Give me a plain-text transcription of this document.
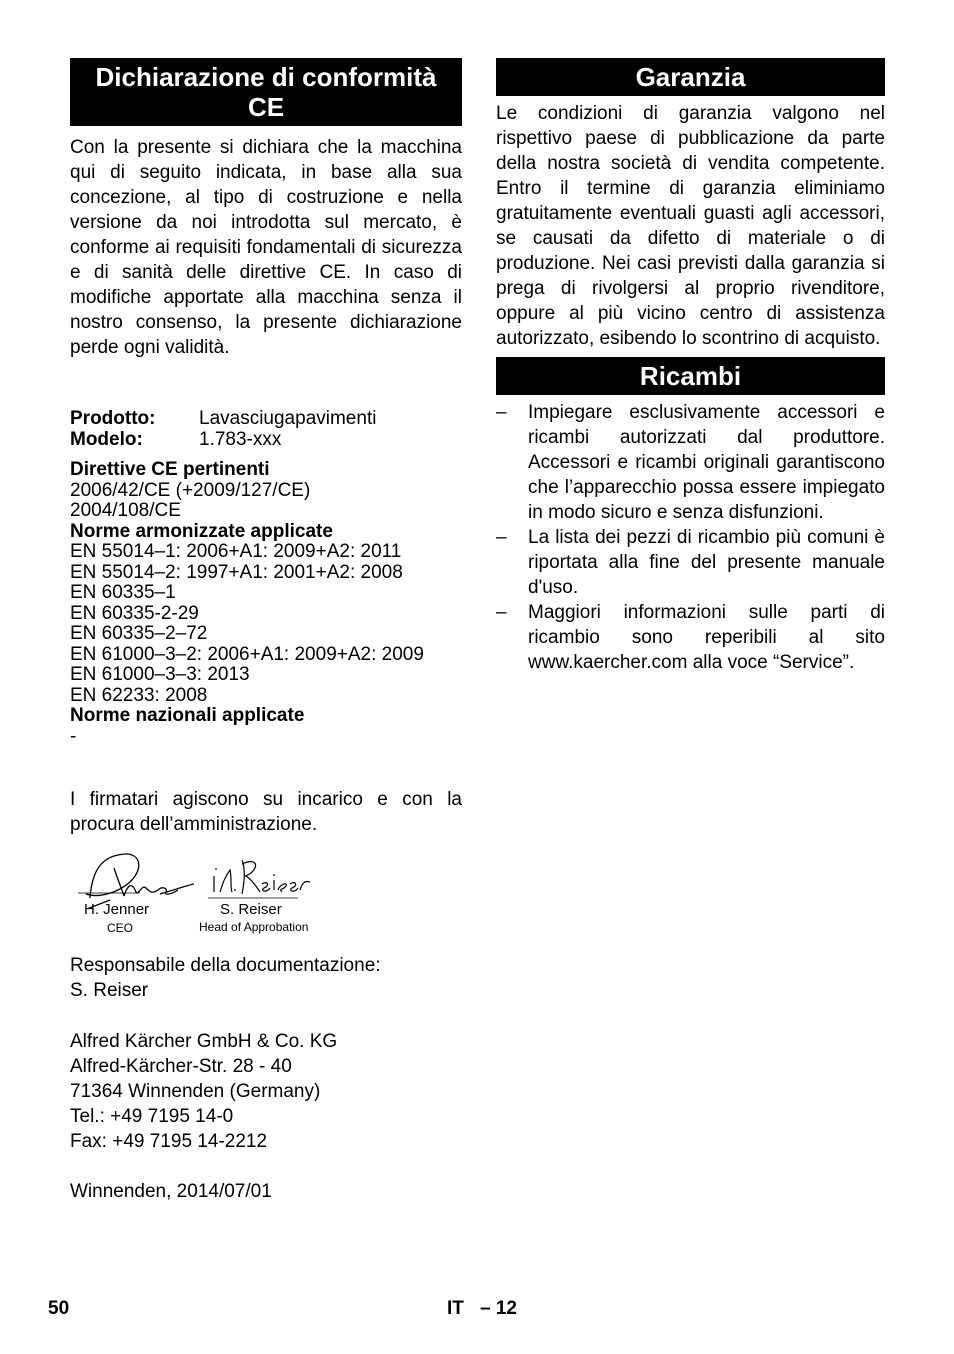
Dichiarazione di conformità CE

Con la presente si dichiara che la macchina qui di seguito indicata, in base alla sua concezione, al tipo di costruzione e nella versione da noi introdotta sul mercato, è conforme ai requisiti fondamentali di sicurezza e di sanità delle direttive CE. In caso di modifiche apportate alla macchina senza il nostro consenso, la presente dichiarazione perde ogni validità.

Prodotto:	Lavasciugapavimenti
Modelo:	1.783-xxx
Direttive CE pertinenti
2006/42/CE (+2009/127/CE)
2004/108/CE
Norme armonizzate applicate
EN 55014–1: 2006+A1: 2009+A2: 2011
EN 55014–2: 1997+A1: 2001+A2: 2008
EN 60335–1
EN 60335-2-29
EN 60335–2–72
EN 61000–3–2: 2006+A1: 2009+A2: 2009
EN 61000–3–3: 2013
EN 62233: 2008
Norme nazionali applicate
-

I firmatari agiscono su incarico e con la procura dell’amministrazione.

H. Jenner
CEO
S. Reiser
Head of Approbation
Responsabile della documentazione:
S. Reiser
Alfred Kärcher GmbH & Co. KG
Alfred-Kärcher-Str. 28 - 40
71364 Winnenden (Germany)
Tel.: +49 7195 14-0
Fax: +49 7195 14-2212
Winnenden, 2014/07/01
Garanzia

Le condizioni di garanzia valgono nel rispettivo paese di pubblicazione da parte della nostra società di vendita competente. Entro il termine di garanzia eliminiamo gratuitamente eventuali guasti agli accessori, se causati da difetto di materiale o di produzione. Nei casi previsti dalla garanzia si prega di rivolgersi al proprio rivenditore, oppure al più vicino centro di assistenza autorizzato, esibendo lo scontrino di acquisto.

Ricambi
– Impiegare esclusivamente accessori e ricambi autorizzati dal produttore. Accessori e ricambi originali garantiscono che l’apparecchio possa essere impiegato in modo sicuro e senza disfunzioni.
– La lista dei pezzi di ricambio più comuni è riportata alla fine del presente manuale d'uso.
– Maggiori informazioni sulle parti di ricambio sono reperibili al sito www.kaercher.com alla voce “Service”.
50	IT – 12
